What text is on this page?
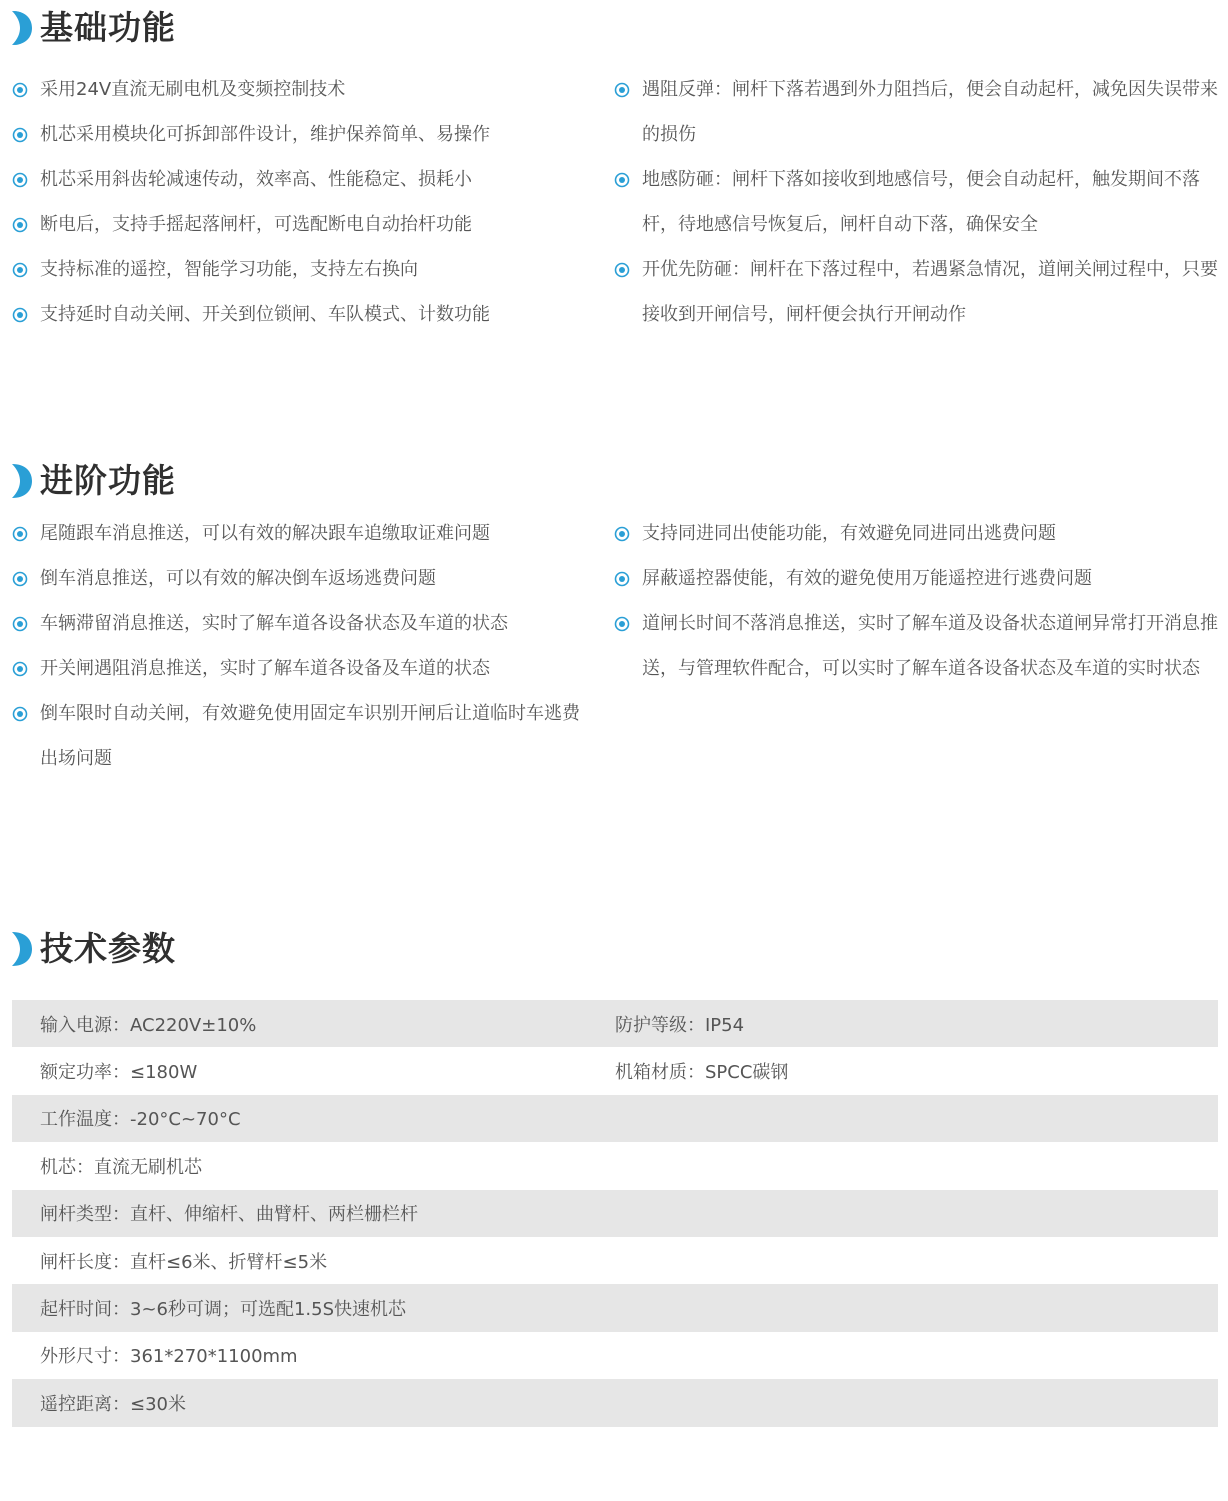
基础功能
采用24V直流无刷电机及变频控制技术
机芯采用模块化可拆卸部件设计，维护保养简单、易操作
机芯采用斜齿轮减速传动，效率高、性能稳定、损耗小
断电后，支持手摇起落闸杆，可选配断电自动抬杆功能
支持标准的遥控，智能学习功能，支持左右换向
支持延时自动关闸、开关到位锁闸、车队模式、计数功能
遇阻反弹：闸杆下落若遇到外力阻挡后，便会自动起杆，减免因失误带来的损伤
地感防砸：闸杆下落如接收到地感信号，便会自动起杆，触发期间不落杆，待地感信号恢复后，闸杆自动下落，确保安全
开优先防砸：闸杆在下落过程中，若遇紧急情况，道闸关闸过程中，只要接收到开闸信号，闸杆便会执行开闸动作
进阶功能
尾随跟车消息推送，可以有效的解决跟车追缴取证难问题
倒车消息推送，可以有效的解决倒车返场逃费问题
车辆滞留消息推送，实时了解车道各设备状态及车道的状态
开关闸遇阻消息推送，实时了解车道各设备及车道的状态
倒车限时自动关闸，有效避免使用固定车识别开闸后让道临时车逃费出场问题
支持同进同出使能功能，有效避免同进同出逃费问题
屏蔽遥控器使能，有效的避免使用万能遥控进行逃费问题
道闸长时间不落消息推送，实时了解车道及设备状态道闸异常打开消息推送，与管理软件配合，可以实时了解车道各设备状态及车道的实时状态
技术参数
输入电源：AC220V±10%	防护等级：IP54
额定功率：≤180W	机箱材质：SPCC碳钢
工作温度：-20°C~70°C
机芯：直流无刷机芯
闸杆类型：直杆、伸缩杆、曲臂杆、两栏栅栏杆
闸杆长度：直杆≤6米、折臂杆≤5米
起杆时间：3~6秒可调；可选配1.5S快速机芯
外形尺寸：361*270*1100mm
遥控距离：≤30米
